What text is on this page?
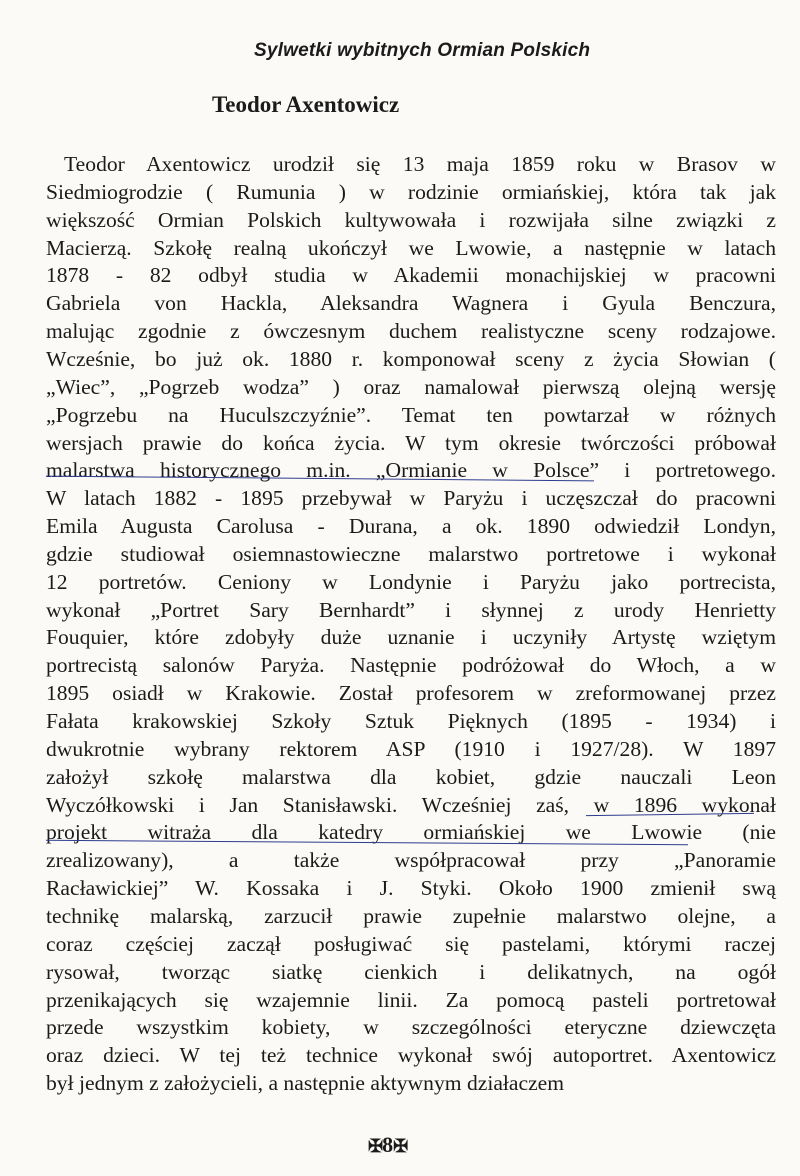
Sylwetki wybitnych Ormian Polskich
Teodor Axentowicz
Teodor Axentowicz urodził się 13 maja 1859 roku w Brasov w
Siedmiogrodzie ( Rumunia ) w rodzinie ormiańskiej, która tak jak
większość Ormian Polskich kultywowała i rozwijała silne związki z
Macierzą. Szkołę realną ukończył we Lwowie, a następnie w latach
1878 - 82 odbył studia w Akademii monachijskiej w pracowni
Gabriela von Hackla, Aleksandra Wagnera i Gyula Benczura,
malując zgodnie z ówczesnym duchem realistyczne sceny rodzajowe.
Wcześnie, bo już ok. 1880 r. komponował sceny z życia Słowian (
„Wiec”, „Pogrzeb wodza” ) oraz namalował pierwszą olejną wersję
„Pogrzebu na Huculszczyźnie”. Temat ten powtarzał w różnych
wersjach prawie do końca życia. W tym okresie twórczości próbował
malarstwa historycznego m.in. „Ormianie w Polsce” i portretowego.
W latach 1882 - 1895 przebywał w Paryżu i uczęszczał do pracowni
Emila Augusta Carolusa - Durana, a ok. 1890 odwiedził Londyn,
gdzie studiował osiemnastowieczne malarstwo portretowe i wykonał
12 portretów. Ceniony w Londynie i Paryżu jako portrecista,
wykonał „Portret Sary Bernhardt” i słynnej z urody Henrietty
Fouquier, które zdobyły duże uznanie i uczyniły Artystę wziętym
portrecistą salonów Paryża. Następnie podróżował do Włoch, a w
1895 osiadł w Krakowie. Został profesorem w zreformowanej przez
Fałata krakowskiej Szkoły Sztuk Pięknych (1895 - 1934) i
dwukrotnie wybrany rektorem ASP (1910 i 1927/28). W 1897
założył szkołę malarstwa dla kobiet, gdzie nauczali Leon
Wyczółkowski i Jan Stanisławski. Wcześniej zaś, w 1896 wykonał
projekt witraża dla katedry ormiańskiej we Lwowie (nie
zrealizowany), a także współpracował przy „Panoramie
Racławickiej” W. Kossaka i J. Styki. Około 1900 zmienił swą
technikę malarską, zarzucił prawie zupełnie malarstwo olejne, a
coraz częściej zaczął posługiwać się pastelami, którymi raczej
rysował, tworząc siatkę cienkich i delikatnych, na ogół
przenikających się wzajemnie linii. Za pomocą pasteli portretował
przede wszystkim kobiety, w szczególności eteryczne dziewczęta
oraz dzieci. W tej też technice wykonał swój autoportret. Axentowicz
był jednym z założycieli, a następnie aktywnym działaczem
✠8✠
